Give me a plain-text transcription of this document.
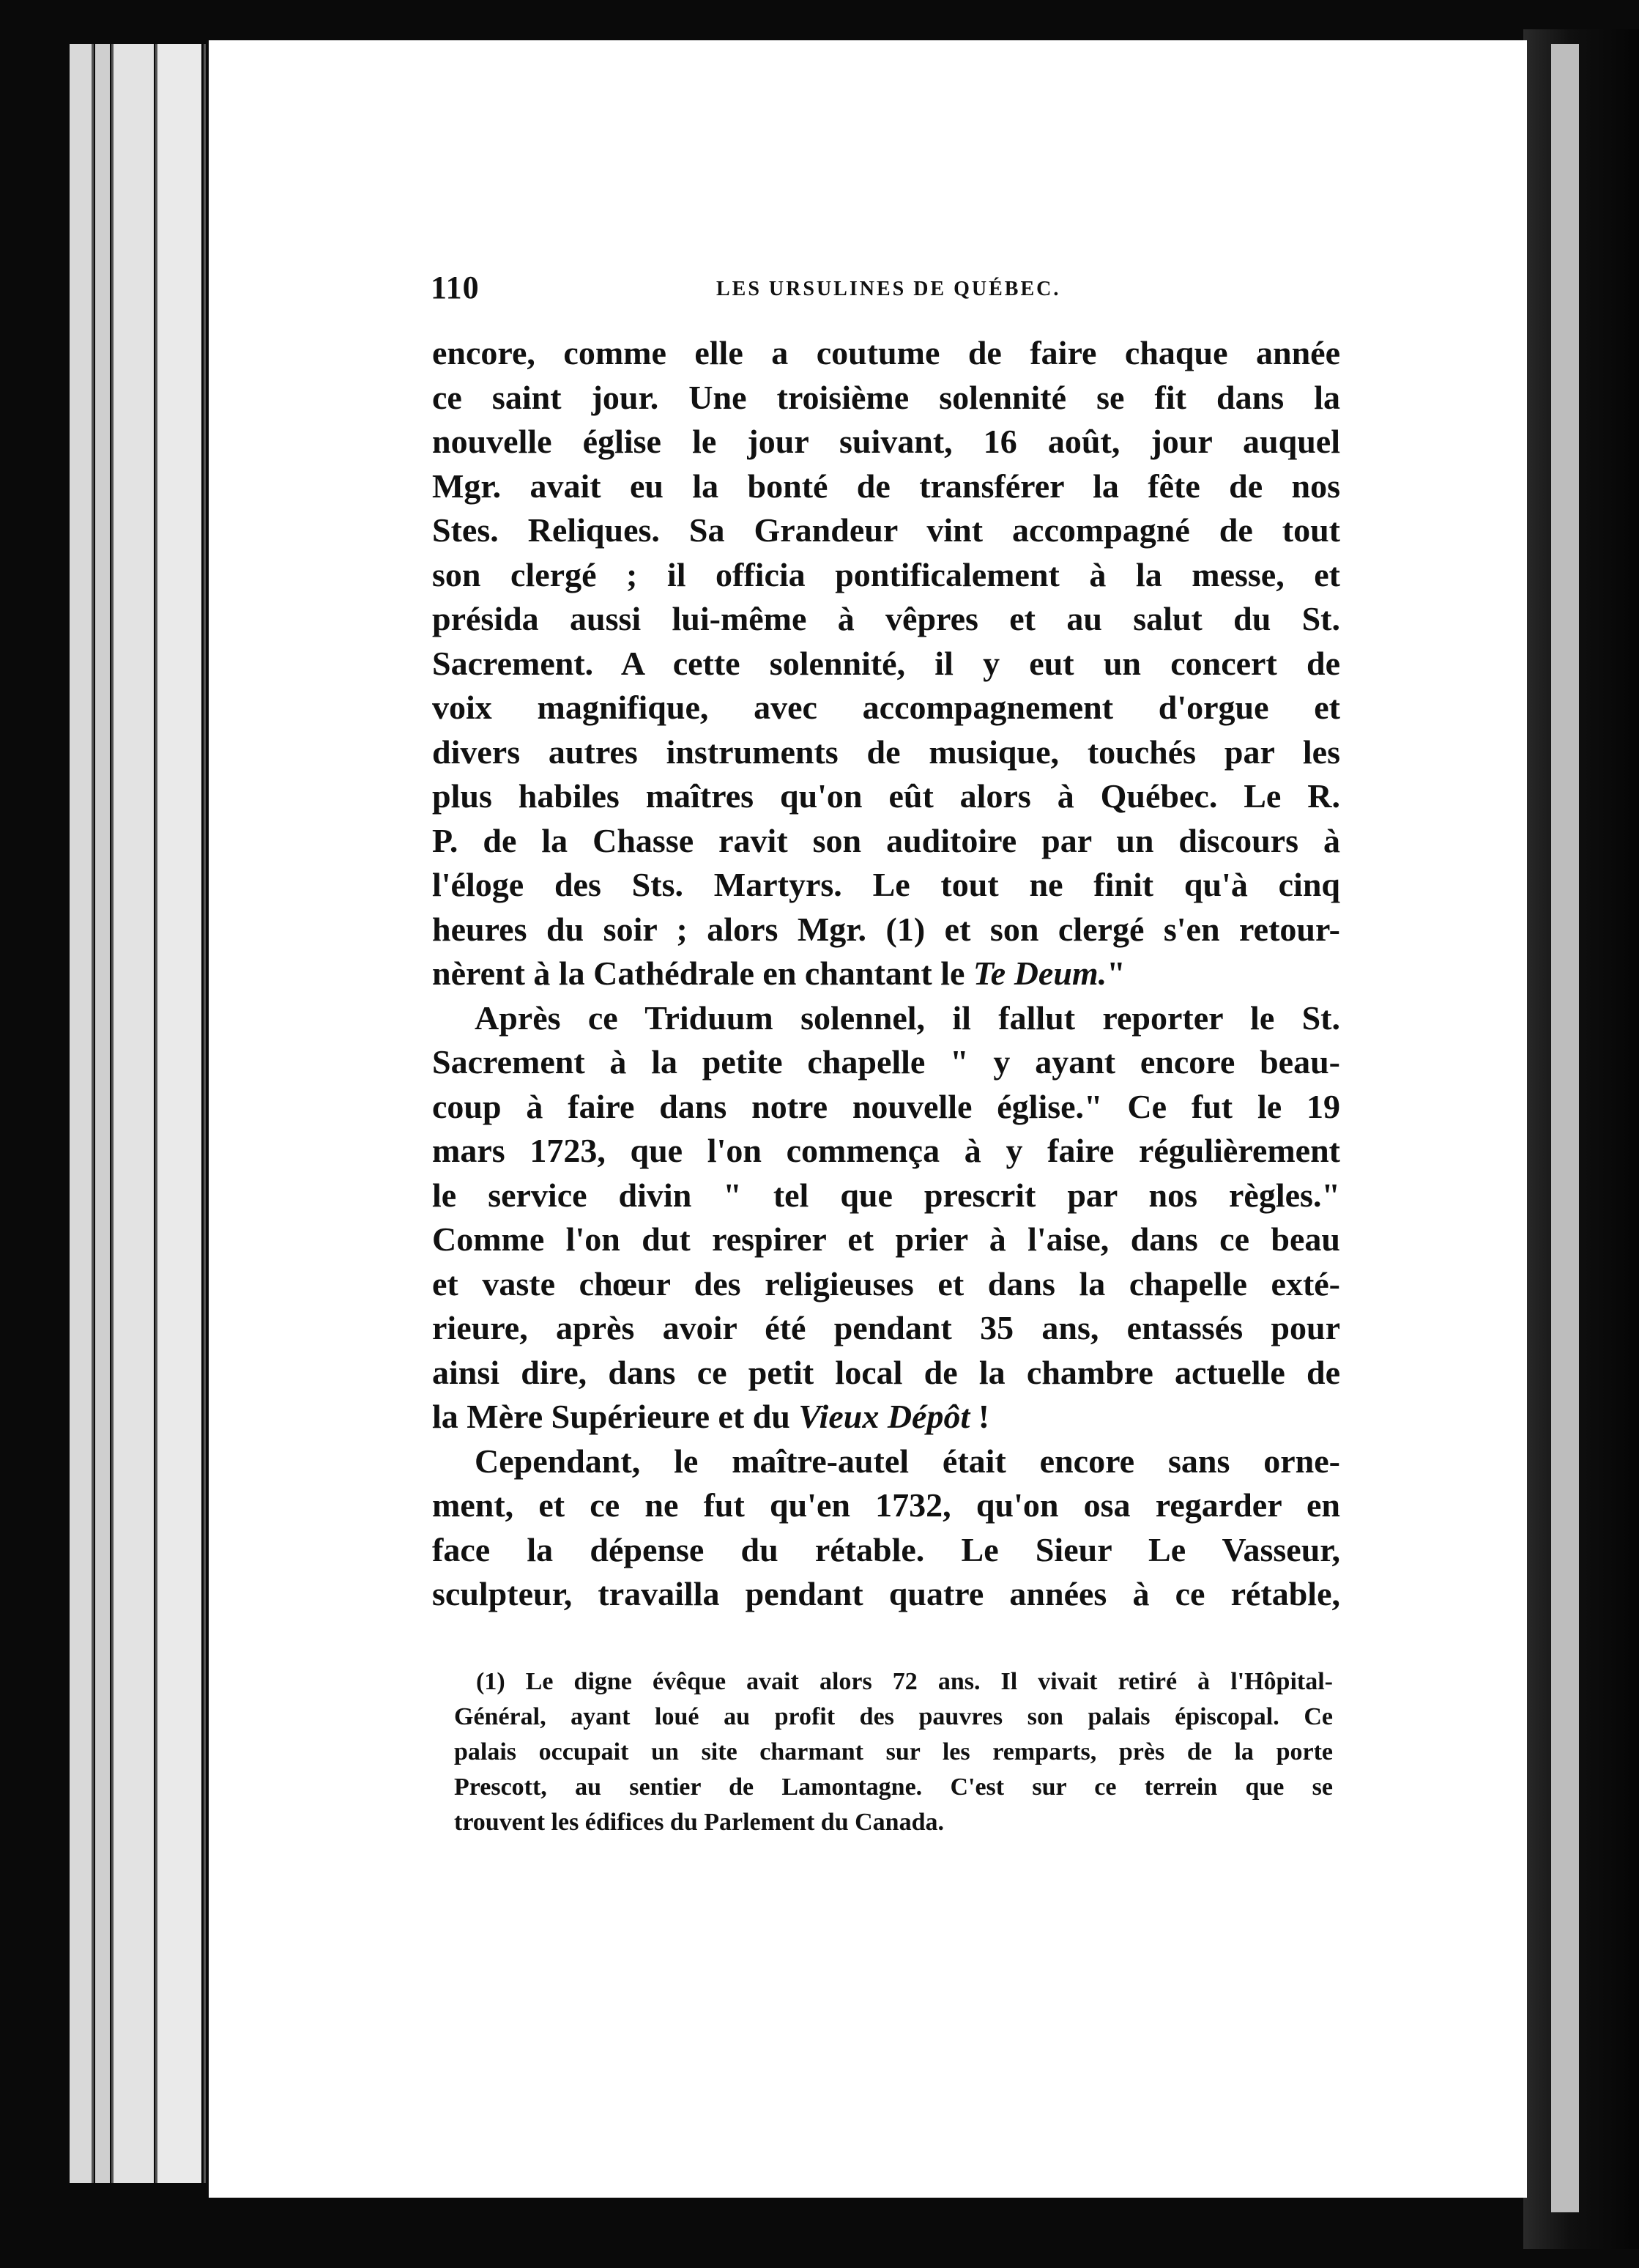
110	LES URSULINES DE QUÉBEC.
encore, comme elle a coutume de faire chaque année
ce saint jour. Une troisième solennité se fit dans la
nouvelle église le jour suivant, 16 août, jour auquel
Mgr. avait eu la bonté de transférer la fête de nos
Stes. Reliques. Sa Grandeur vint accompagné de tout
son clergé ; il officia pontificalement à la messe, et
présida aussi lui-même à vêpres et au salut du St.
Sacrement. A cette solennité, il y eut un concert de
voix magnifique, avec accompagnement d'orgue et
divers autres instruments de musique, touchés par les
plus habiles maîtres qu'on eût alors à Québec. Le R.
P. de la Chasse ravit son auditoire par un discours à
l'éloge des Sts. Martyrs. Le tout ne finit qu'à cinq
heures du soir ; alors Mgr. (1) et son clergé s'en retour-
nèrent à la Cathédrale en chantant le Te Deum."
Après ce Triduum solennel, il fallut reporter le St.
Sacrement à la petite chapelle " y ayant encore beau-
coup à faire dans notre nouvelle église." Ce fut le 19
mars 1723, que l'on commença à y faire régulièrement
le service divin " tel que prescrit par nos règles."
Comme l'on dut respirer et prier à l'aise, dans ce beau
et vaste chœur des religieuses et dans la chapelle exté-
rieure, après avoir été pendant 35 ans, entassés pour
ainsi dire, dans ce petit local de la chambre actuelle de
la Mère Supérieure et du Vieux Dépôt !
Cependant, le maître-autel était encore sans orne-
ment, et ce ne fut qu'en 1732, qu'on osa regarder en
face la dépense du rétable. Le Sieur Le Vasseur,
sculpteur, travailla pendant quatre années à ce rétable,
(1) Le digne évêque avait alors 72 ans. Il vivait retiré à l'Hôpital-
Général, ayant loué au profit des pauvres son palais épiscopal. Ce
palais occupait un site charmant sur les remparts, près de la porte
Prescott, au sentier de Lamontagne. C'est sur ce terrein que se
trouvent les édifices du Parlement du Canada.
